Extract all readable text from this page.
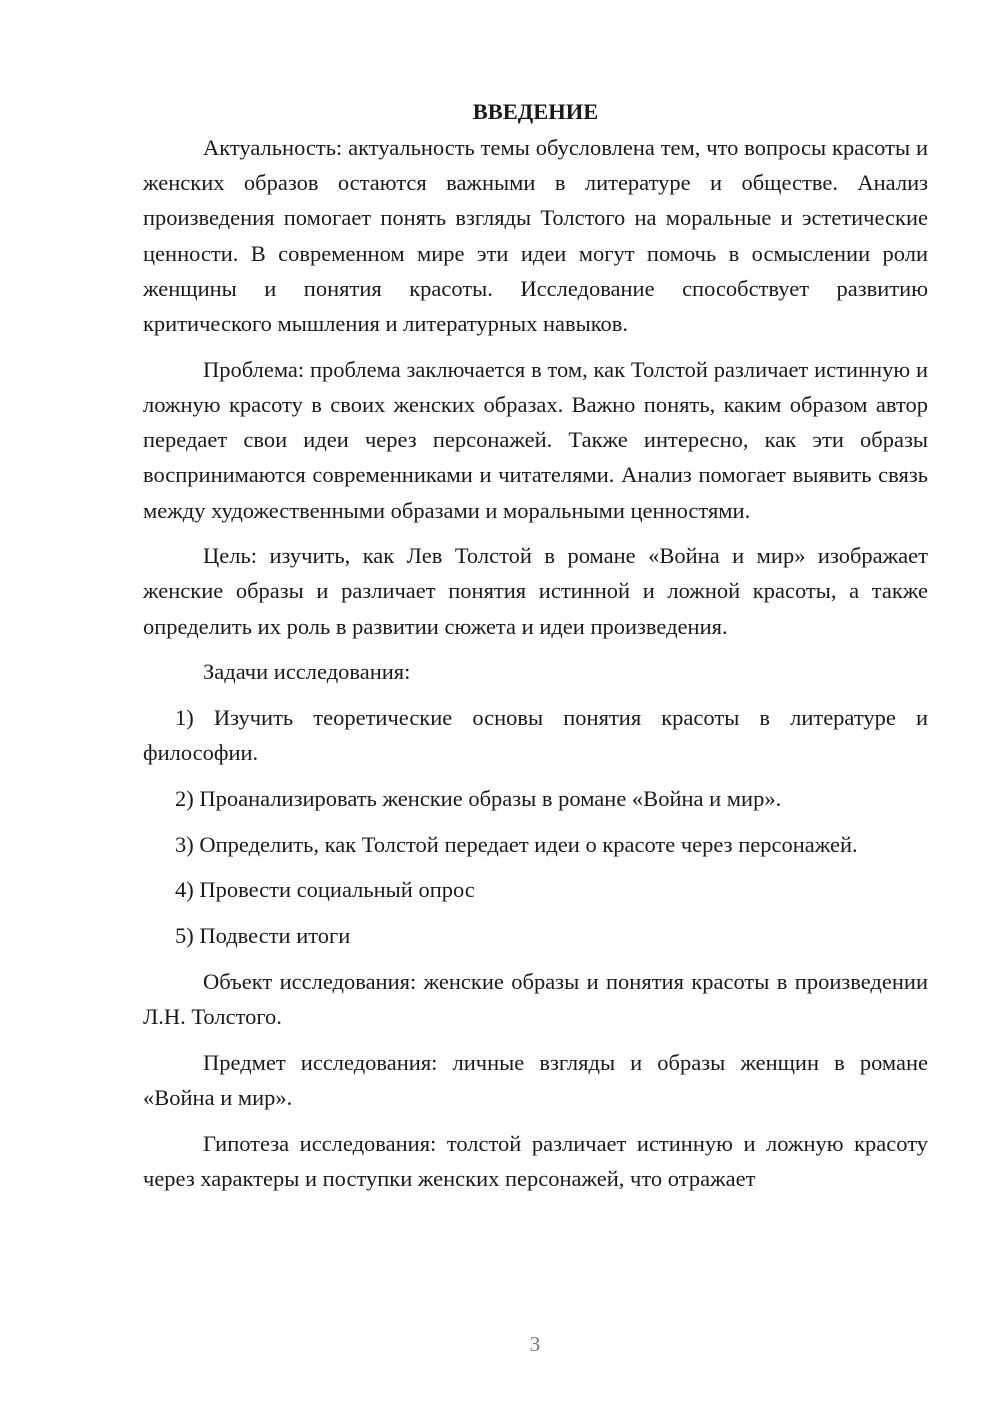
ВВЕДЕНИЕ

Актуальность: актуальность темы обусловлена тем, что вопросы красоты и женских образов остаются важными в литературе и обществе. Анализ произведения помогает понять взгляды Толстого на моральные и эстетические ценности. В современном мире эти идеи могут помочь в осмыслении роли женщины и понятия красоты. Исследование способствует развитию критического мышления и литературных навыков.

Проблема: проблема заключается в том, как Толстой различает истинную и ложную красоту в своих женских образах. Важно понять, каким образом автор передает свои идеи через персонажей. Также интересно, как эти образы воспринимаются современниками и читателями. Анализ помогает выявить связь между художественными образами и моральными ценностями.

Цель: изучить, как Лев Толстой в романе «Война и мир» изображает женские образы и различает понятия истинной и ложной красоты, а также определить их роль в развитии сюжета и идеи произведения.

Задачи исследования:

1) Изучить теоретические основы понятия красоты в литературе и философии.

2) Проанализировать женские образы в романе «Война и мир».

3) Определить, как Толстой передает идеи о красоте через персонажей.

4) Провести социальный опрос

5) Подвести итоги

Объект исследования: женские образы и понятия красоты в произведении Л.Н. Толстого.

Предмет исследования: личные взгляды и образы женщин в романе «Война и мир».

Гипотеза исследования: толстой различает истинную и ложную красоту через характеры и поступки женских персонажей, что отражает

3
